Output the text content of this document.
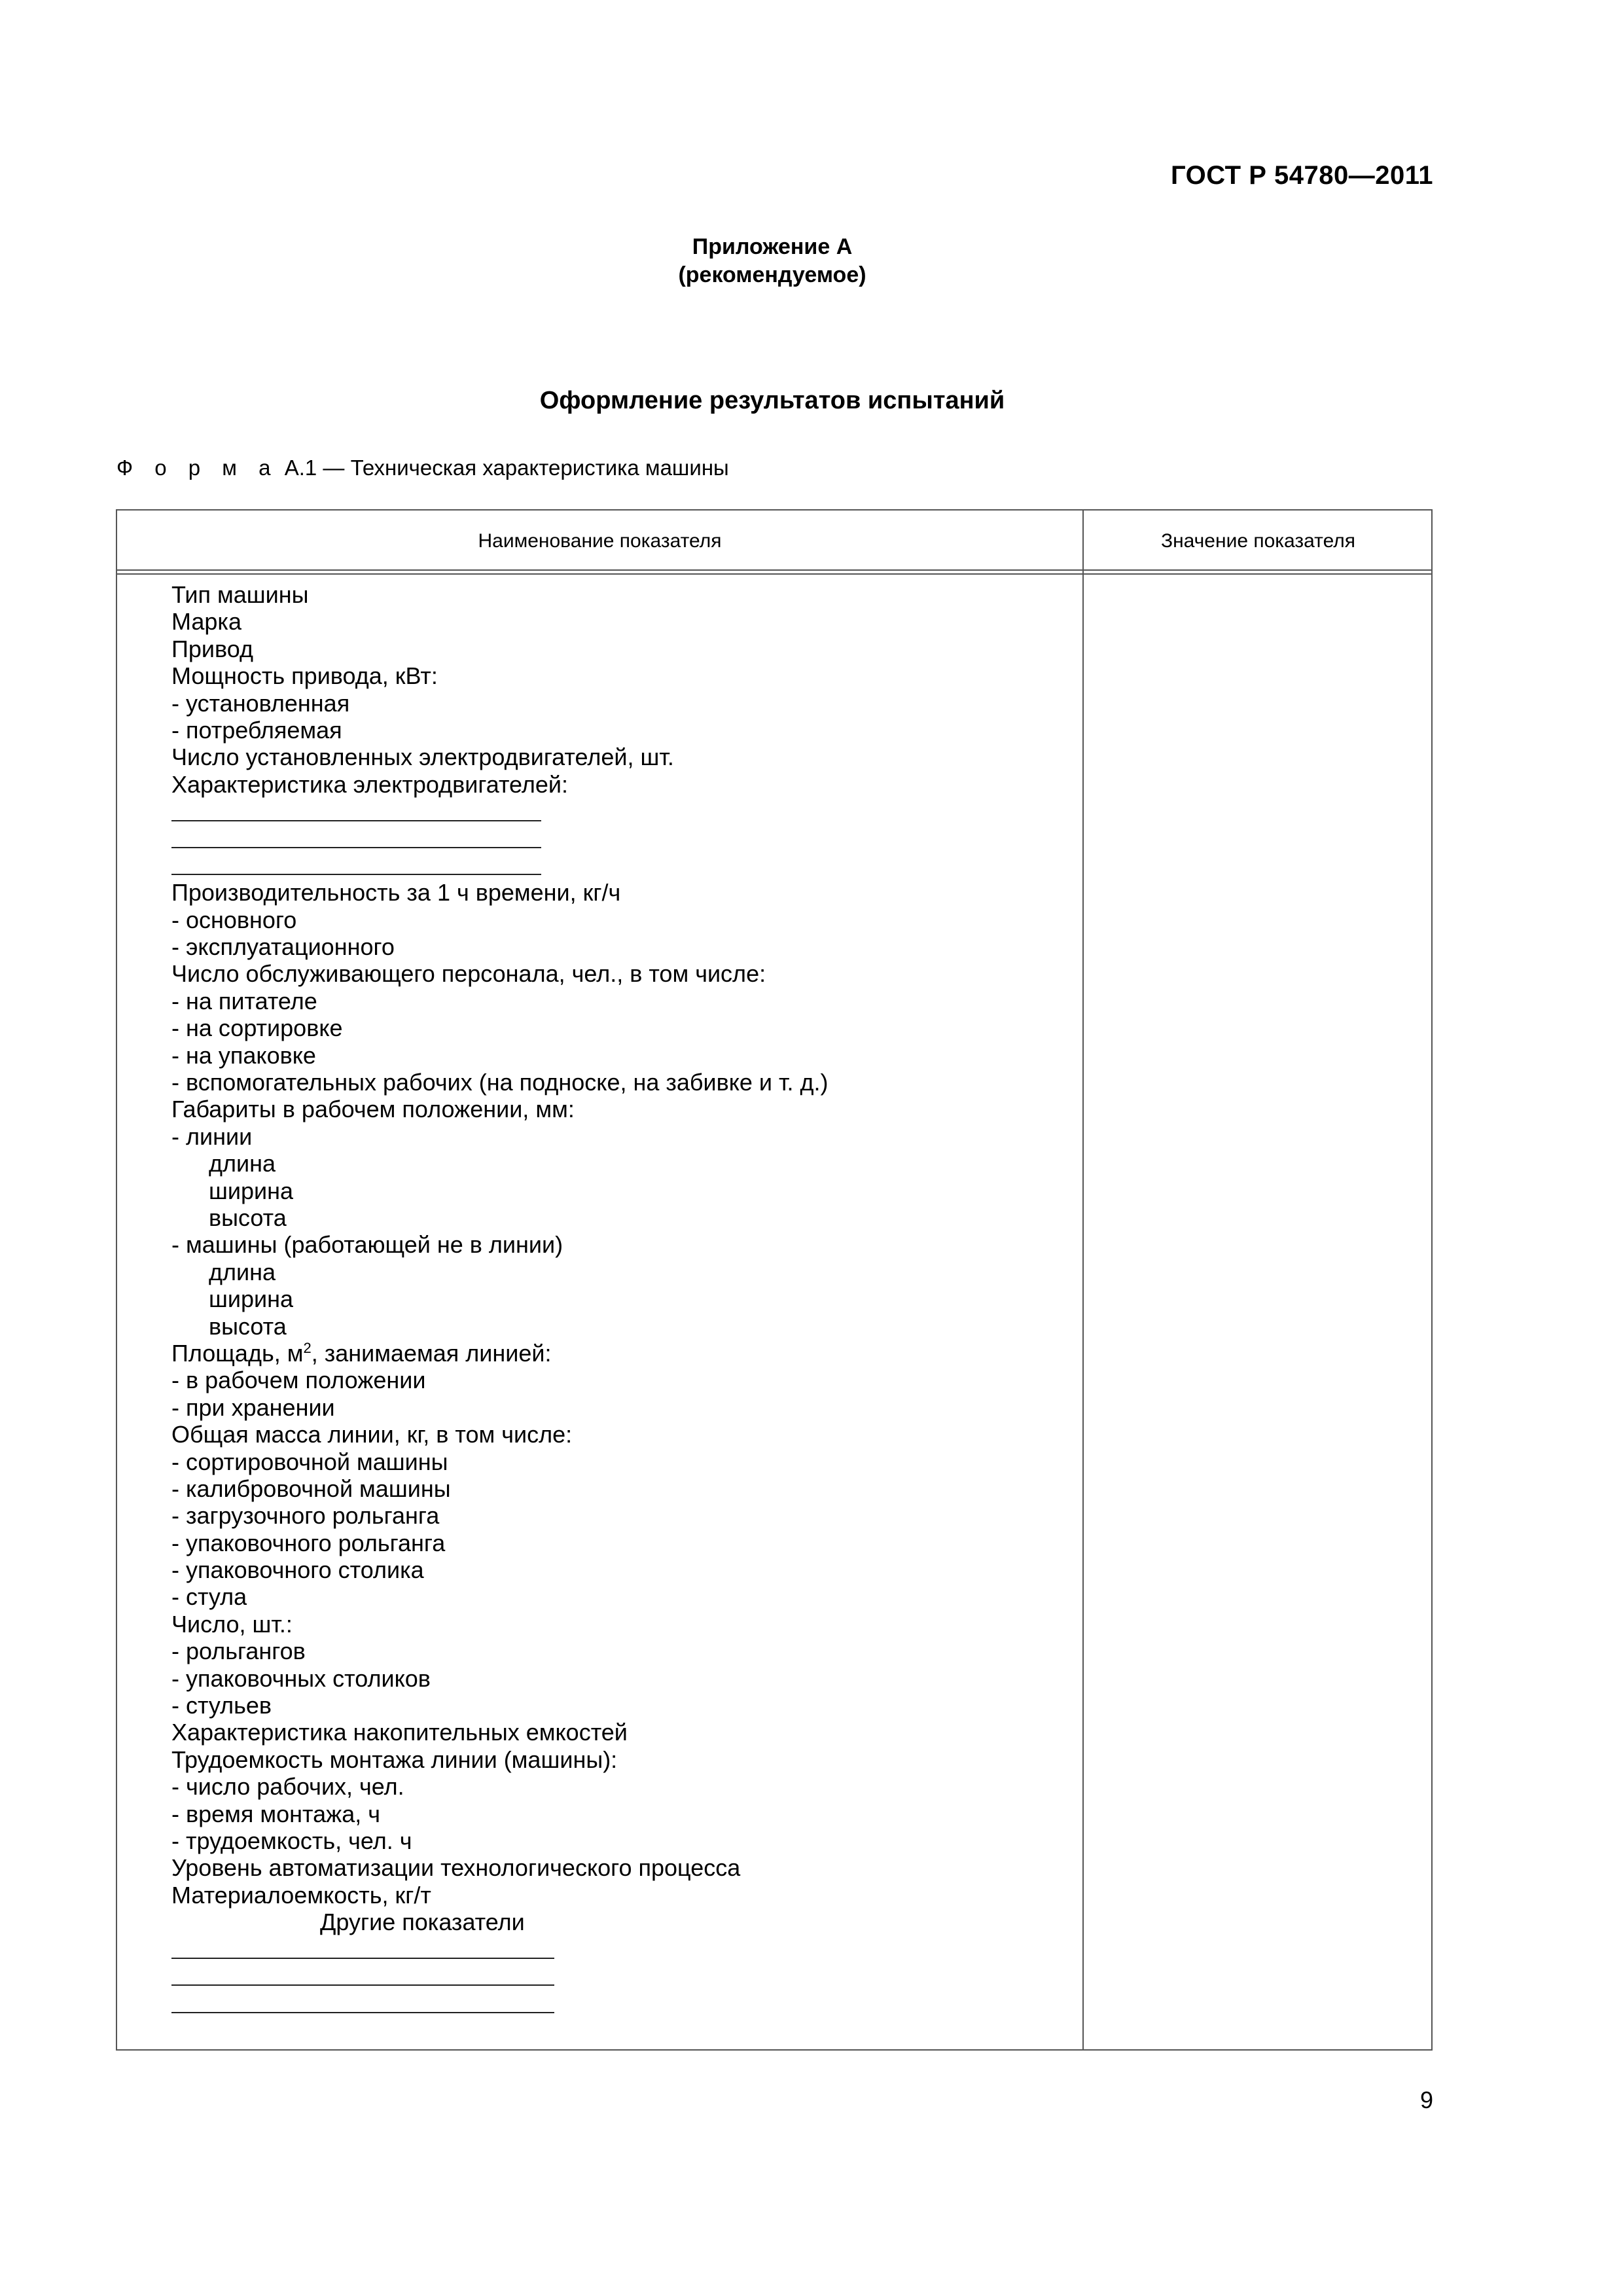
ГОСТ Р 54780—2011
Приложение А
(рекомендуемое)
Оформление результатов испытаний
Ф о р м а А.1 — Техническая характеристика машины
Наименование показателя	Значение показателя
Тип машины
Марка
Привод
Мощность привода, кВт:
- установленная
- потребляемая
Число установленных электродвигателей, шт.
Характеристика электродвигателей:
Производительность за 1 ч времени, кг/ч
- основного
- эксплуатационного
Число обслуживающего персонала, чел., в том числе:
- на питателе
- на сортировке
- на упаковке
- вспомогательных рабочих (на подноске, на забивке и т. д.)
Габариты в рабочем положении, мм:
- линии
длина
ширина
высота
- машины (работающей не в линии)
длина
ширина
высота
Площадь, $м^2$, занимаемая линией:
- в рабочем положении
- при хранении
Общая масса линии, кг, в том числе:
- сортировочной машины
- калибровочной машины
- загрузочного рольганга
- упаковочного рольганга
- упаковочного столика
- стула
Число, шт.:
- рольгангов
- упаковочных столиков
- стульев
Характеристика накопительных емкостей
Трудоемкость монтажа линии (машины):
- число рабочих, чел.
- время монтажа, ч
- трудоемкость, чел. ч
Уровень автоматизации технологического процесса
Материалоемкость, кг/т
Другие показатели
9
